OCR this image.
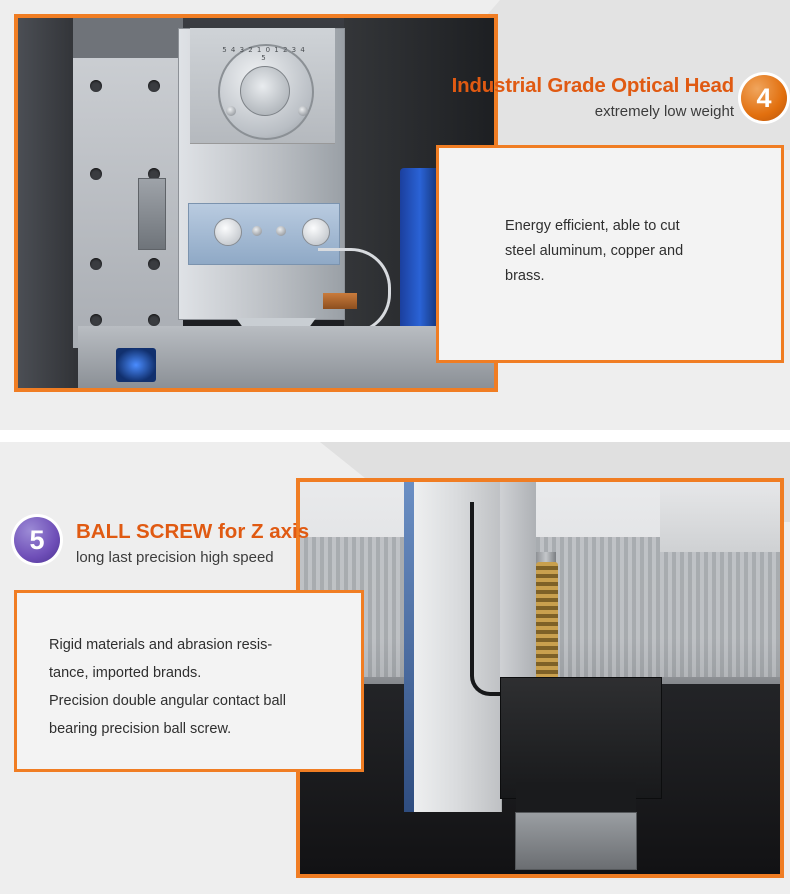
5 4 3 2 1 0 1 2 3 4 5
Industrial Grade Optical Head
extremely low weight 4
Energy efficient, able to cut
steel aluminum, copper and
brass.
5	BALL SCREW for Z axis
long last precision high speed
Rigid materials and abrasion resis-
tance, imported brands.
Precision double angular contact ball
bearing precision ball screw.
